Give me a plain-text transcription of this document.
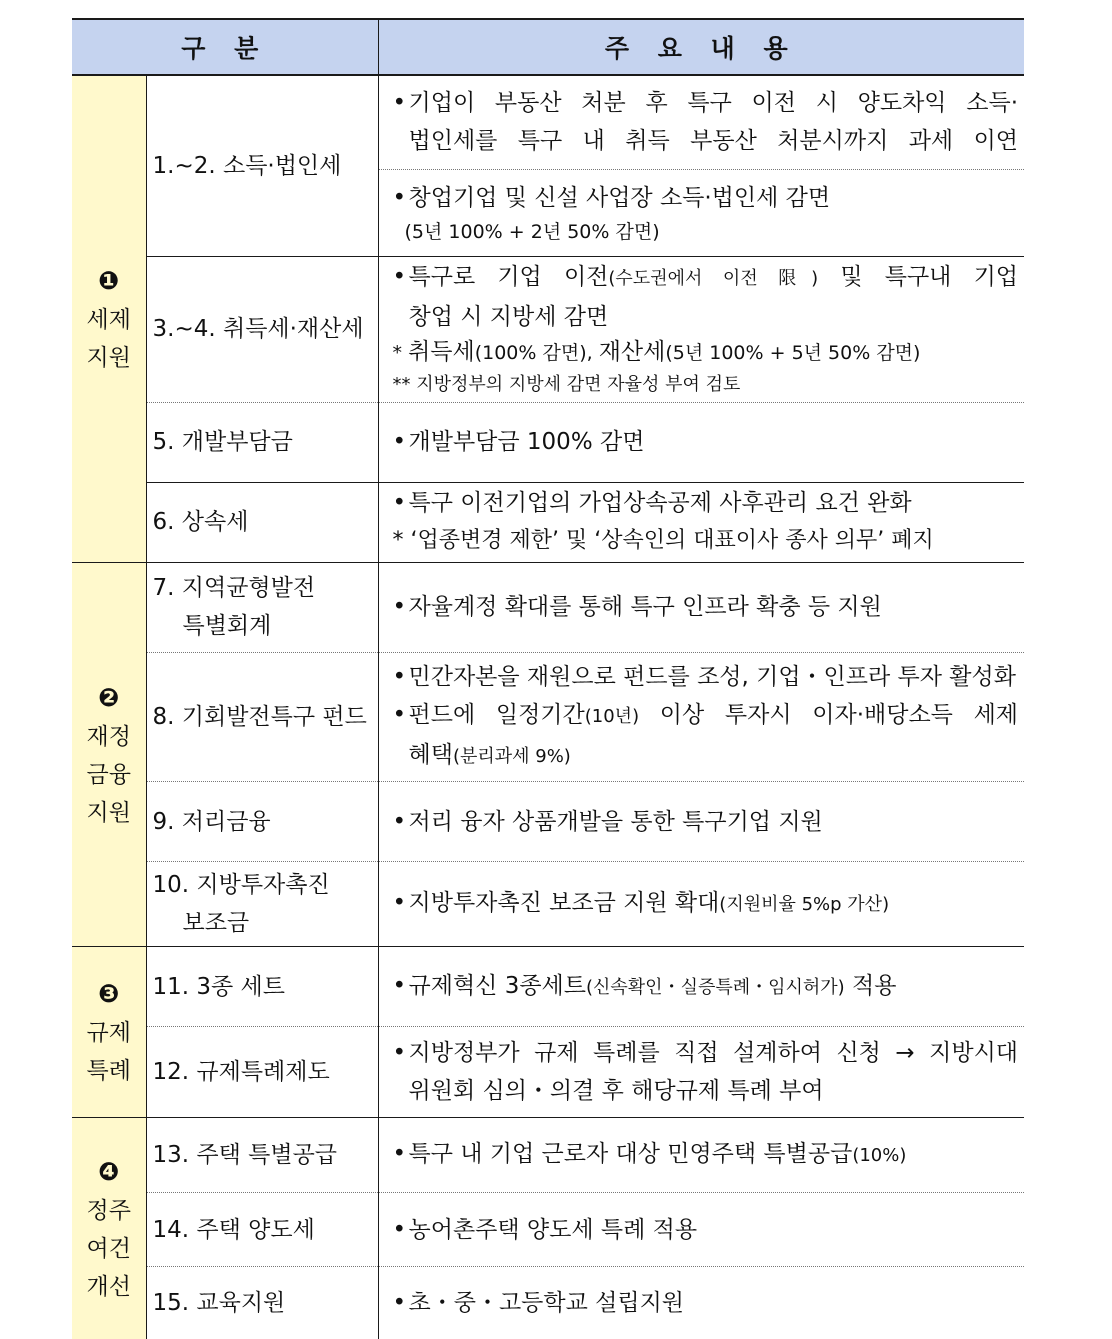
구 분		주 요 내 용

❶
세제
지원	1.~2. 소득·법인세	• 기업이 부동산 처분 후 특구 이전 시 양도차익 소득·
법인세를 특구 내 취득 부동산 처분시까지 과세 이연

		• 창업기업 및 신설 사업장 소득·법인세 감면
(5년 100% + 2년 50% 감면)

	3.~4. 취득세·재산세	• 특구로 기업 이전(수도권에서 이전 限) 및 특구내 기업
창업 시 지방세 감면
* 취득세(100% 감면), 재산세(5년 100% + 5년 50% 감면)
** 지방정부의 지방세 감면 자율성 부여 검토

	5. 개발부담금	• 개발부담금 100% 감면

	6. 상속세	• 특구 이전기업의 가업상속공제 사후관리 요건 완화
* ‘업종변경 제한’ 및 ‘상속인의 대표이사 종사 의무’ 폐지

❷
재정
금융
지원	7. 지역균형발전
특별회계	• 자율계정 확대를 통해 특구 인프라 확충 등 지원

	8. 기회발전특구 펀드	• 민간자본을 재원으로 펀드를 조성, 기업・인프라 투자 활성화
• 펀드에 일정기간(10년) 이상 투자시 이자·배당소득 세제
혜택(분리과세 9%)

	9. 저리금융	• 저리 융자 상품개발을 통한 특구기업 지원

	10. 지방투자촉진
보조금	• 지방투자촉진 보조금 지원 확대(지원비율 5%p 가산)

❸
규제
특례	11. 3종 세트	• 규제혁신 3종세트(신속확인・실증특례・임시허가) 적용

	12. 규제특례제도	• 지방정부가 규제 특례를 직접 설계하여 신청 → 지방시대
위원회 심의・의결 후 해당규제 특례 부여

❹
정주
여건
개선	13. 주택 특별공급	• 특구 내 기업 근로자 대상 민영주택 특별공급(10%)

	14. 주택 양도세	• 농어촌주택 양도세 특례 적용

	15. 교육지원	• 초・중・고등학교 설립지원
